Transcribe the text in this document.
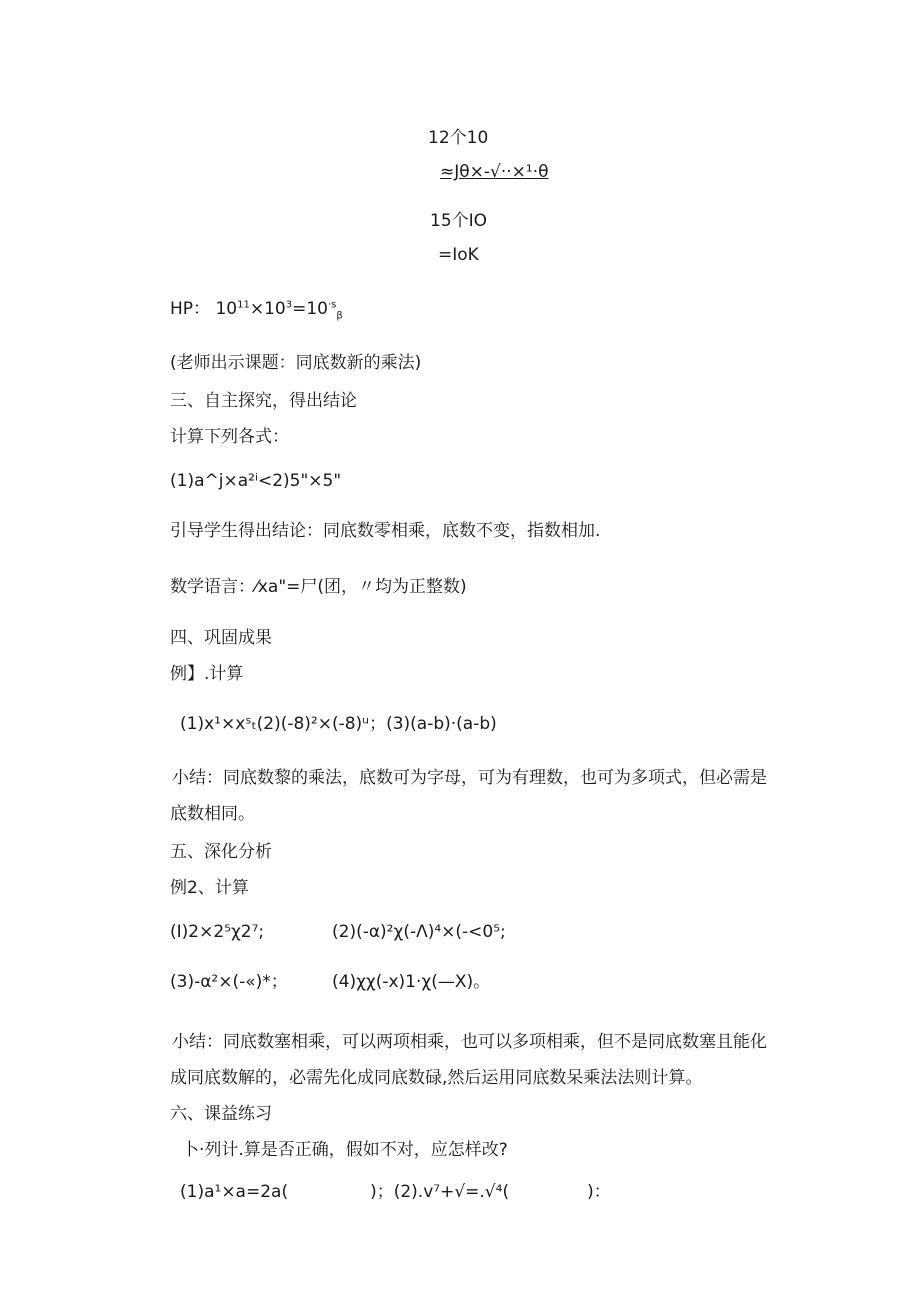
12个10
≈Jθ×-√··×¹·θ
15个IO
=IoK
HP： $10^{11}\times 10^3=10^{\cdot s}_\beta$
(老师出示课题：同底数新的乘法)
三、自主探究，得出结论
计算下列各式：
(1)a^j×a²ⁱ<2)5"×5"
引导学生得出结论：同底数零相乘，底数不变，指数相加.
数学语言：⁄xa"=尸(团，〃均为正整数)
四、巩固成果
例】.计算
(1)x¹×xˢₜ(2)(-8)²×(-8)ᵘ；(3)(a-b)·(a-b)
小结：同底数黎的乘法，底数可为字母，可为有理数，也可为多项式，但必需是
底数相同。
五、深化分析
例2、计算
(I)2×2⁵χ2⁷;	(2)(-α)²χ(-Λ)⁴×(-<0⁵;
(3)-α²×(-«)*；	(4)χχ(-x)1·χ(—X)。
小结：同底数塞相乘，可以两项相乘，也可以多项相乘，但不是同底数塞且能化
成同底数解的，必需先化成同底数碌,然后运用同底数呆乘法法则计算。
六、课益练习
卜·列计.算是否正确，假如不对，应怎样改?
(1)a¹×a=2a(	)；(2).v⁷+√=.√⁴(	)：
